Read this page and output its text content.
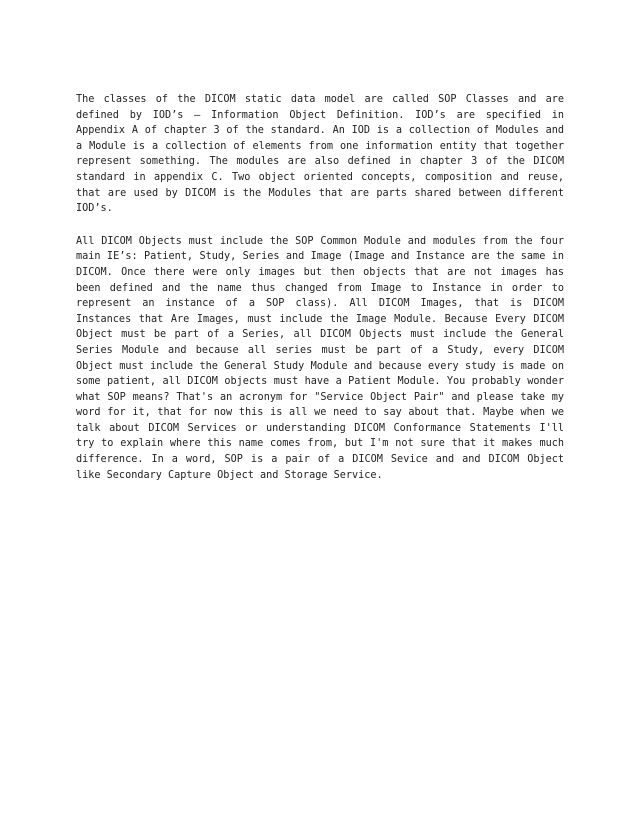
The classes of the DICOM static data model are called SOP Classes and are defined by IOD’s – Information Object Definition. IOD’s are specified in Appendix A of chapter 3 of the standard. An IOD is a collection of Modules and a Module is a collection of elements from one information entity that together represent something. The modules are also defined in chapter 3 of the DICOM standard in appendix C. Two object oriented concepts, composition and reuse, that are used by DICOM is the Modules that are parts shared between different IOD’s.

All DICOM Objects must include the SOP Common Module and modules from the four main IE’s: Patient, Study, Series and Image (Image and Instance are the same in DICOM. Once there were only images but then objects that are not images has been defined and the name thus changed from Image to Instance in order to represent an instance of a SOP class). All DICOM Images, that is DICOM Instances that Are Images, must include the Image Module. Because Every DICOM Object must be part of a Series, all DICOM Objects must include the General Series Module and because all series must be part of a Study, every DICOM Object must include the General Study Module and because every study is made on some patient, all DICOM objects must have a Patient Module. You probably wonder what SOP means? That's an acronym for "Service Object Pair" and please take my word for it, that for now this is all we need to say about that. Maybe when we talk about DICOM Services or understanding DICOM Conformance Statements I'll try to explain where this name comes from, but I'm not sure that it makes much difference. In a word, SOP is a pair of a DICOM Sevice and and DICOM Object like Secondary Capture Object and Storage Service.
